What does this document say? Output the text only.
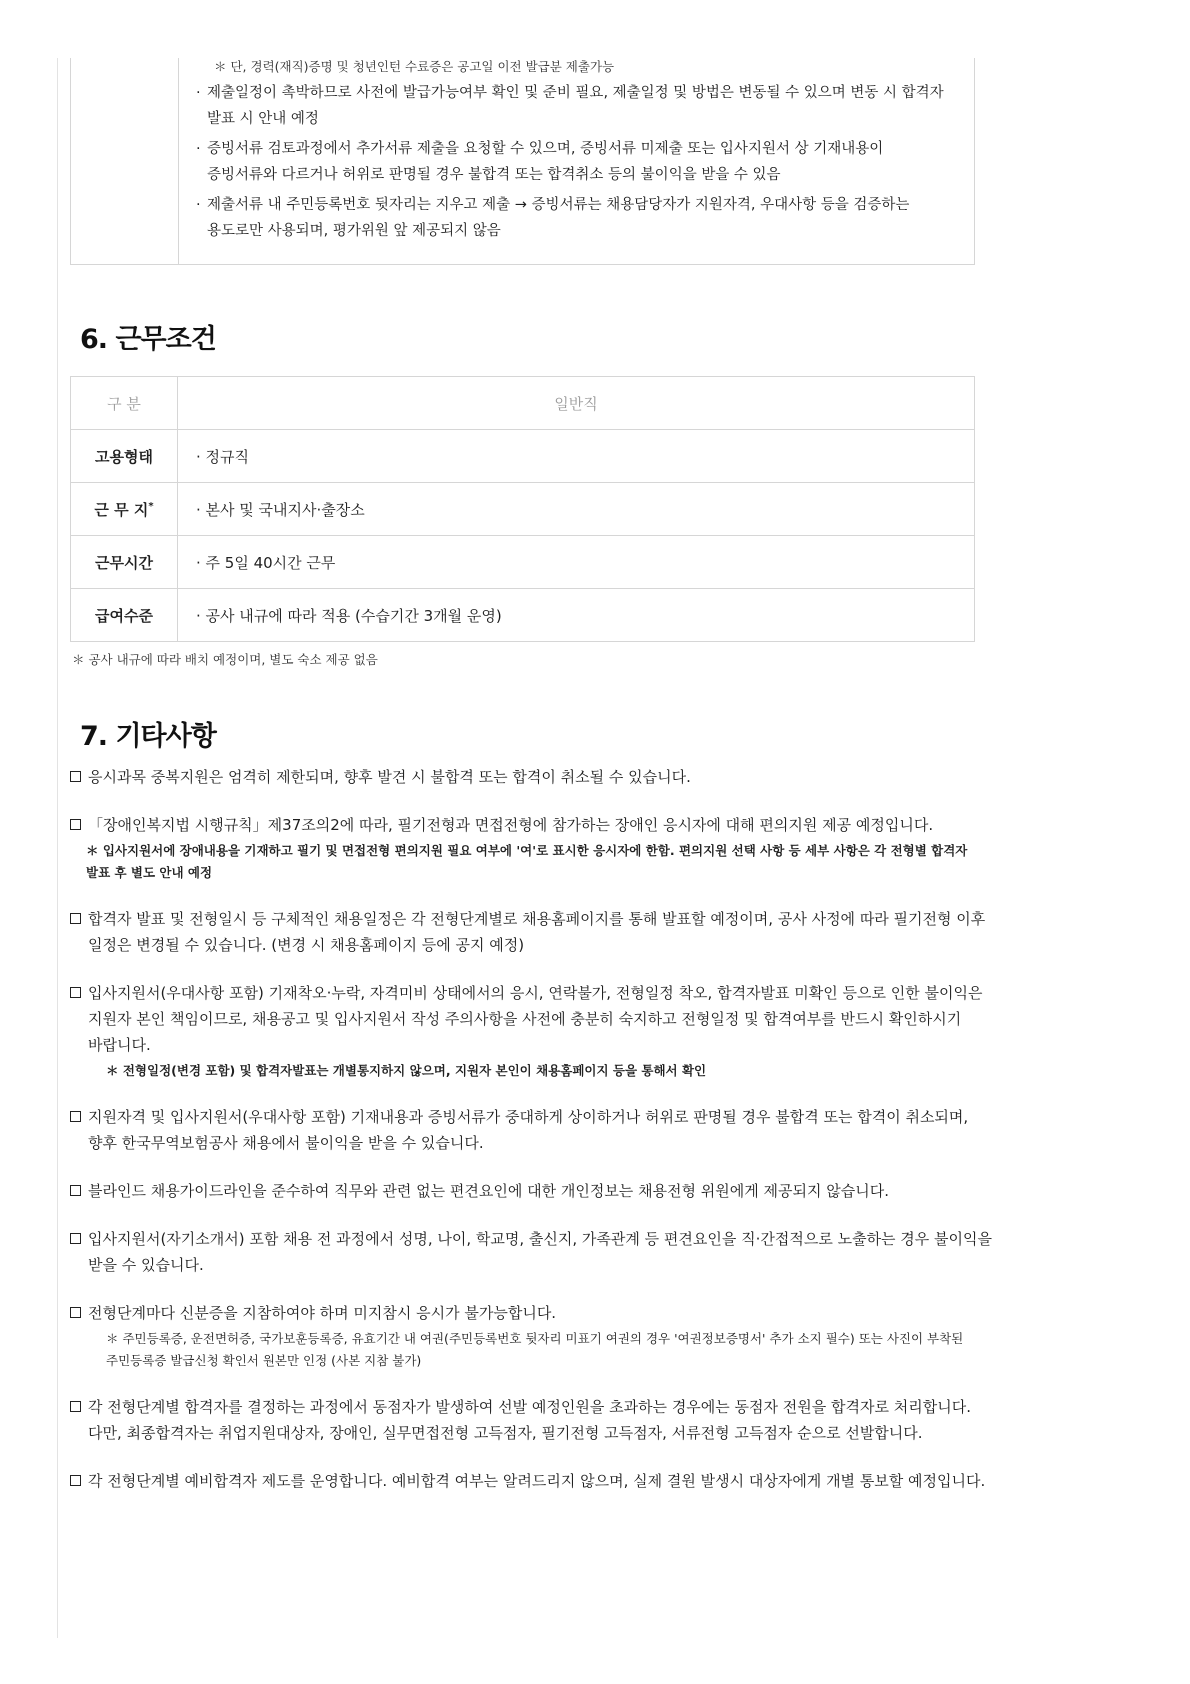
＊ 단, 경력(재직)증명 및 청년인턴 수료증은 공고일 이전 발급분 제출가능
· 제출일정이 촉박하므로 사전에 발급가능여부 확인 및 준비 필요, 제출일정 및 방법은 변동될 수 있으며 변동 시 합격자
발표 시 안내 예정
· 증빙서류 검토과정에서 추가서류 제출을 요청할 수 있으며, 증빙서류 미제출 또는 입사지원서 상 기재내용이
증빙서류와 다르거나 허위로 판명될 경우 불합격 또는 합격취소 등의 불이익을 받을 수 있음
· 제출서류 내 주민등록번호 뒷자리는 지우고 제출 → 증빙서류는 채용담당자가 지원자격, 우대사항 등을 검증하는
용도로만 사용되며, 평가위원 앞 제공되지 않음
6. 근무조건
구 분	일반직
고용형태	· 정규직
근 무 지*	· 본사 및 국내지사·출장소
근무시간	· 주 5일 40시간 근무
급여수준	· 공사 내규에 따라 적용 (수습기간 3개월 운영)
＊ 공사 내규에 따라 배치 예정이며, 별도 숙소 제공 없음
7. 기타사항
응시과목 중복지원은 엄격히 제한되며, 향후 발견 시 불합격 또는 합격이 취소될 수 있습니다.
「장애인복지법 시행규칙」제37조의2에 따라, 필기전형과 면접전형에 참가하는 장애인 응시자에 대해 편의지원 제공 예정입니다.
＊ 입사지원서에 장애내용을 기재하고 필기 및 면접전형 편의지원 필요 여부에 '여'로 표시한 응시자에 한함. 편의지원 선택 사항 등 세부 사항은 각 전형별 합격자
발표 후 별도 안내 예정
합격자 발표 및 전형일시 등 구체적인 채용일정은 각 전형단계별로 채용홈페이지를 통해 발표할 예정이며, 공사 사정에 따라 필기전형 이후
일정은 변경될 수 있습니다. (변경 시 채용홈페이지 등에 공지 예정)
입사지원서(우대사항 포함) 기재착오·누락, 자격미비 상태에서의 응시, 연락불가, 전형일정 착오, 합격자발표 미확인 등으로 인한 불이익은
지원자 본인 책임이므로, 채용공고 및 입사지원서 작성 주의사항을 사전에 충분히 숙지하고 전형일정 및 합격여부를 반드시 확인하시기
바랍니다.
＊ 전형일정(변경 포함) 및 합격자발표는 개별통지하지 않으며, 지원자 본인이 채용홈페이지 등을 통해서 확인
지원자격 및 입사지원서(우대사항 포함) 기재내용과 증빙서류가 중대하게 상이하거나 허위로 판명될 경우 불합격 또는 합격이 취소되며,
향후 한국무역보험공사 채용에서 불이익을 받을 수 있습니다.
블라인드 채용가이드라인을 준수하여 직무와 관련 없는 편견요인에 대한 개인정보는 채용전형 위원에게 제공되지 않습니다.
입사지원서(자기소개서) 포함 채용 전 과정에서 성명, 나이, 학교명, 출신지, 가족관계 등 편견요인을 직·간접적으로 노출하는 경우 불이익을
받을 수 있습니다.
전형단계마다 신분증을 지참하여야 하며 미지참시 응시가 불가능합니다.
＊ 주민등록증, 운전면허증, 국가보훈등록증, 유효기간 내 여권(주민등록번호 뒷자리 미표기 여권의 경우 '여권정보증명서' 추가 소지 필수) 또는 사진이 부착된
주민등록증 발급신청 확인서 원본만 인정 (사본 지참 불가)
각 전형단계별 합격자를 결정하는 과정에서 동점자가 발생하여 선발 예정인원을 초과하는 경우에는 동점자 전원을 합격자로 처리합니다.
다만, 최종합격자는 취업지원대상자, 장애인, 실무면접전형 고득점자, 필기전형 고득점자, 서류전형 고득점자 순으로 선발합니다.
각 전형단계별 예비합격자 제도를 운영합니다. 예비합격 여부는 알려드리지 않으며, 실제 결원 발생시 대상자에게 개별 통보할 예정입니다.
